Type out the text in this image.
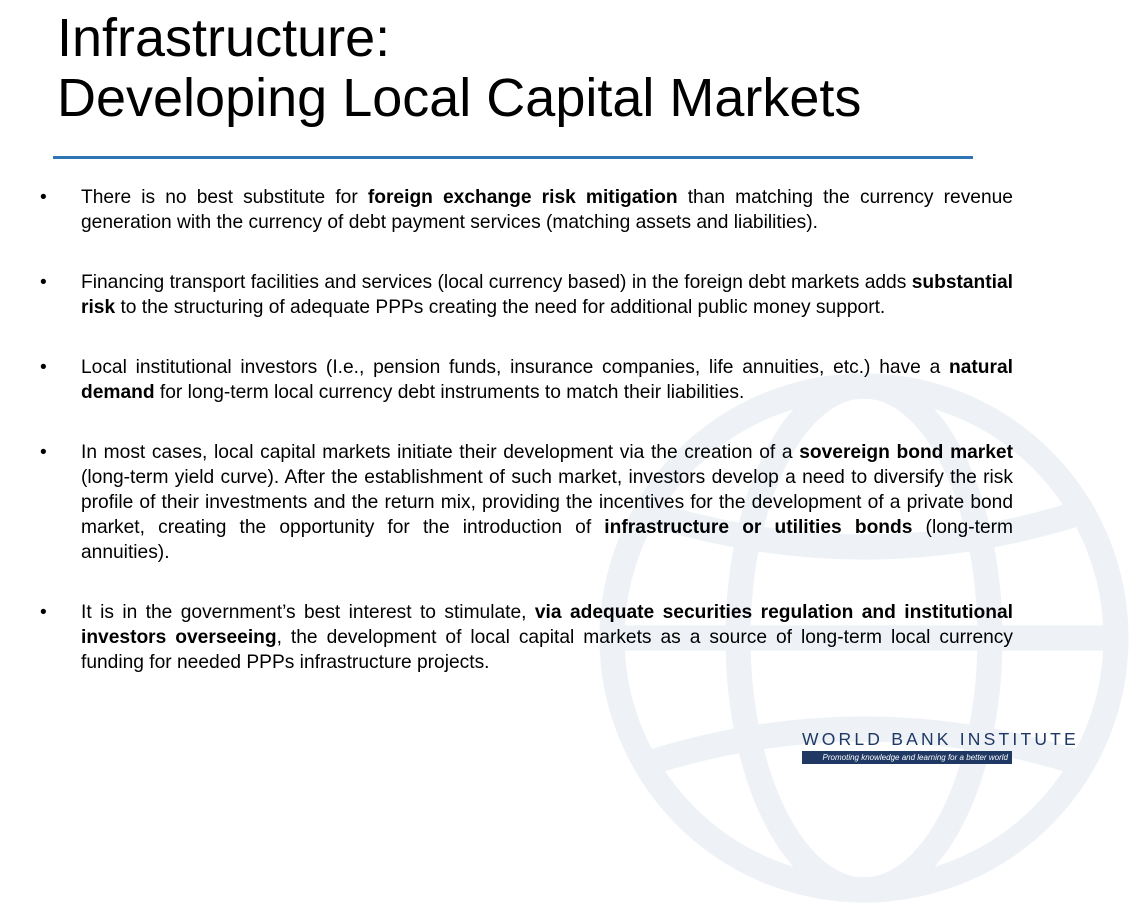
Infrastructure:
Developing Local Capital Markets
•	There is no best substitute for foreign exchange risk mitigation than matching the currency revenue generation with the currency of debt payment services (matching assets and liabilities).
•	Financing transport facilities and services (local currency based) in the foreign debt markets adds substantial risk to the structuring of adequate PPPs creating the need for additional public money support.
•	Local institutional investors (I.e., pension funds, insurance companies, life annuities, etc.) have a natural demand for long-term local currency debt instruments to match their liabilities.
•	In most cases, local capital markets initiate their development via the creation of a sovereign bond market (long-term yield curve). After the establishment of such market, investors develop a need to diversify the risk profile of their investments and the return mix, providing the incentives for the development of a private bond market, creating the opportunity for the introduction of infrastructure or utilities bonds (long-term annuities).
•	It is in the government’s best interest to stimulate, via adequate securities regulation and institutional investors overseeing, the development of local capital markets as a source of long-term local currency funding for needed PPPs infrastructure projects.
WORLD BANK INSTITUTE
Promoting knowledge and learning for a better world
